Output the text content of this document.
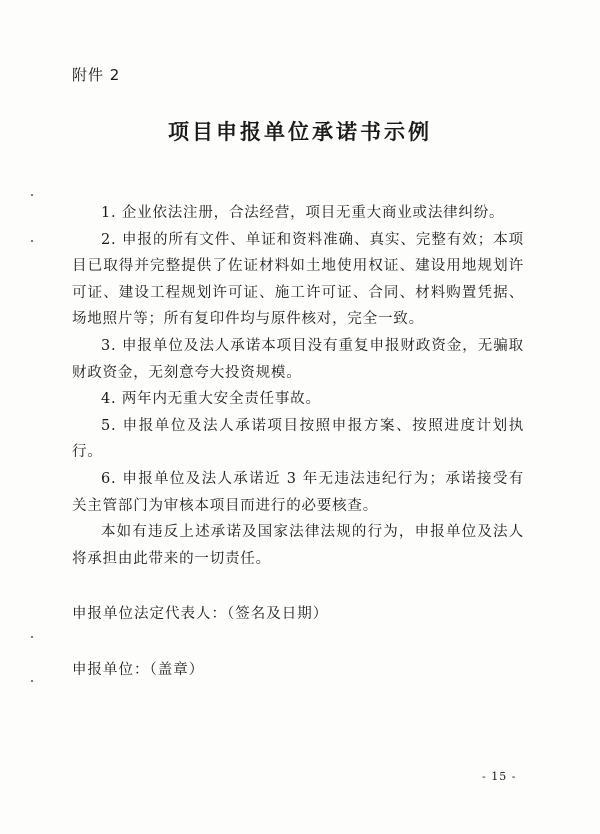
附件 2
项目申报单位承诺书示例

1. 企业依法注册，合法经营，项目无重大商业或法律纠纷。

2. 申报的所有文件、单证和资料准确、真实、完整有效；本项目已取得并完整提供了佐证材料如土地使用权证、建设用地规划许可证、建设工程规划许可证、施工许可证、合同、材料购置凭据、场地照片等；所有复印件均与原件核对，完全一致。

3. 申报单位及法人承诺本项目没有重复申报财政资金，无骗取财政资金，无刻意夸大投资规模。

4. 两年内无重大安全责任事故。

5. 申报单位及法人承诺项目按照申报方案、按照进度计划执行。

6. 申报单位及法人承诺近 3 年无违法违纪行为；承诺接受有关主管部门为审核本项目而进行的必要核查。

本如有违反上述承诺及国家法律法规的行为，申报单位及法人将承担由此带来的一切责任。

申报单位法定代表人：（签名及日期）
申报单位：（盖章）
- 15 -
